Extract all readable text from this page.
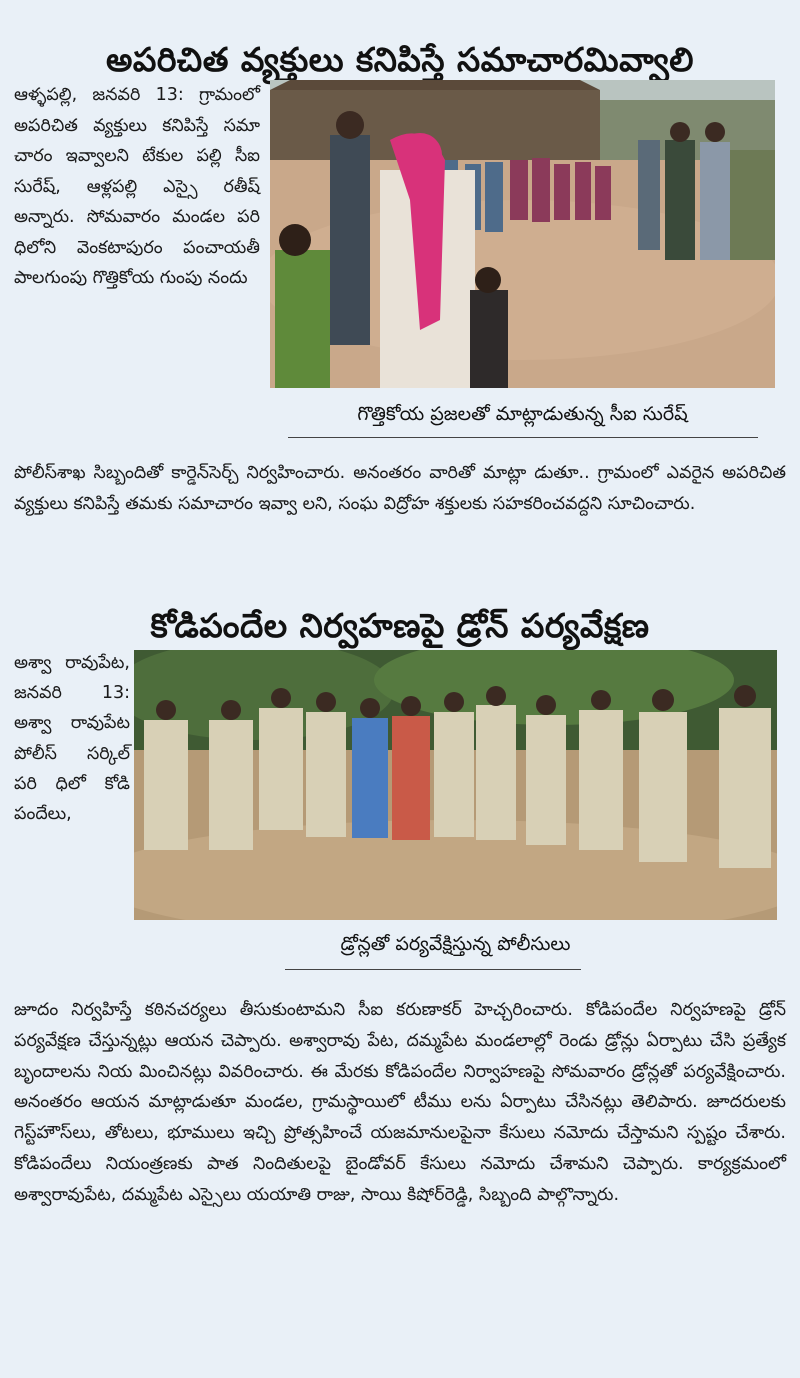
అపరిచిత వ్యక్తులు కనిపిస్తే సమాచారమివ్వాలి

ఆళ్ళపల్లి, జనవరి 13: గ్రామంలో అపరిచిత వ్యక్తులు కనిపిస్తే సమా చారం ఇవ్వాలని టేకుల పల్లి సీఐ సురేష్, ఆళ్లపల్లి ఎస్సై రతీష్ అన్నారు. సోమవారం మండల పరి ధిలోని వెంకటాపురం పంచాయతీ పాలగుంపు గొత్తికోయ గుంపు నందు

గొత్తికోయ ప్రజలతో మాట్లాడుతున్న సీఐ సురేష్

పోలీస్‌శాఖ సిబ్బందితో కార్డెన్‌సెర్చ్ నిర్వహించారు. అనంతరం వారితో మాట్లా డుతూ.. గ్రామంలో ఎవరైన అపరిచిత వ్యక్తులు కనిపిస్తే తమకు సమాచారం ఇవ్వా లని, సంఘ విద్రోహ శక్తులకు సహకరించవద్దని సూచించారు.

కోడిపందేల నిర్వహణపై డ్రోన్ పర్యవేక్షణ

అశ్వా రావుపేట, జనవరి 13: అశ్వా రావుపేట పోలీస్ సర్కిల్ పరి ధిలో కోడి పందేలు,

డ్రోన్లతో పర్యవేక్షిస్తున్న పోలీసులు

జూదం నిర్వహిస్తే కఠినచర్యలు తీసుకుంటామని సీఐ కరుణాకర్ హెచ్చరించారు. కోడిపందేల నిర్వహణపై డ్రోన్ పర్యవేక్షణ చేస్తున్నట్లు ఆయన చెప్పారు. అశ్వారావు పేట, దమ్మపేట మండలాల్లో రెండు డ్రోన్లు ఏర్పాటు చేసి ప్రత్యేక బృందాలను నియ మించినట్లు వివరించారు. ఈ మేరకు కోడిపందేల నిర్వాహణపై సోమవారం డ్రోన్లతో పర్యవేక్షించారు. అనంతరం ఆయన మాట్లాడుతూ మండల, గ్రామస్థాయిలో టీము లను ఏర్పాటు చేసినట్లు తెలిపారు. జూదరులకు గెస్ట్‌హౌస్‌లు, తోటలు, భూములు ఇచ్చి ప్రోత్సహించే యజమానులపైనా కేసులు నమోదు చేస్తామని స్పష్టం చేశారు. కోడిపందేలు నియంత్రణకు పాత నిందితులపై బైండోవర్ కేసులు నమోదు చేశామని చెప్పారు. కార్యక్రమంలో అశ్వారావుపేట, దమ్మపేట ఎస్సైలు యయాతి రాజు, సాయి కిషోర్‌రెడ్డి, సిబ్బంది పాల్గొన్నారు.
